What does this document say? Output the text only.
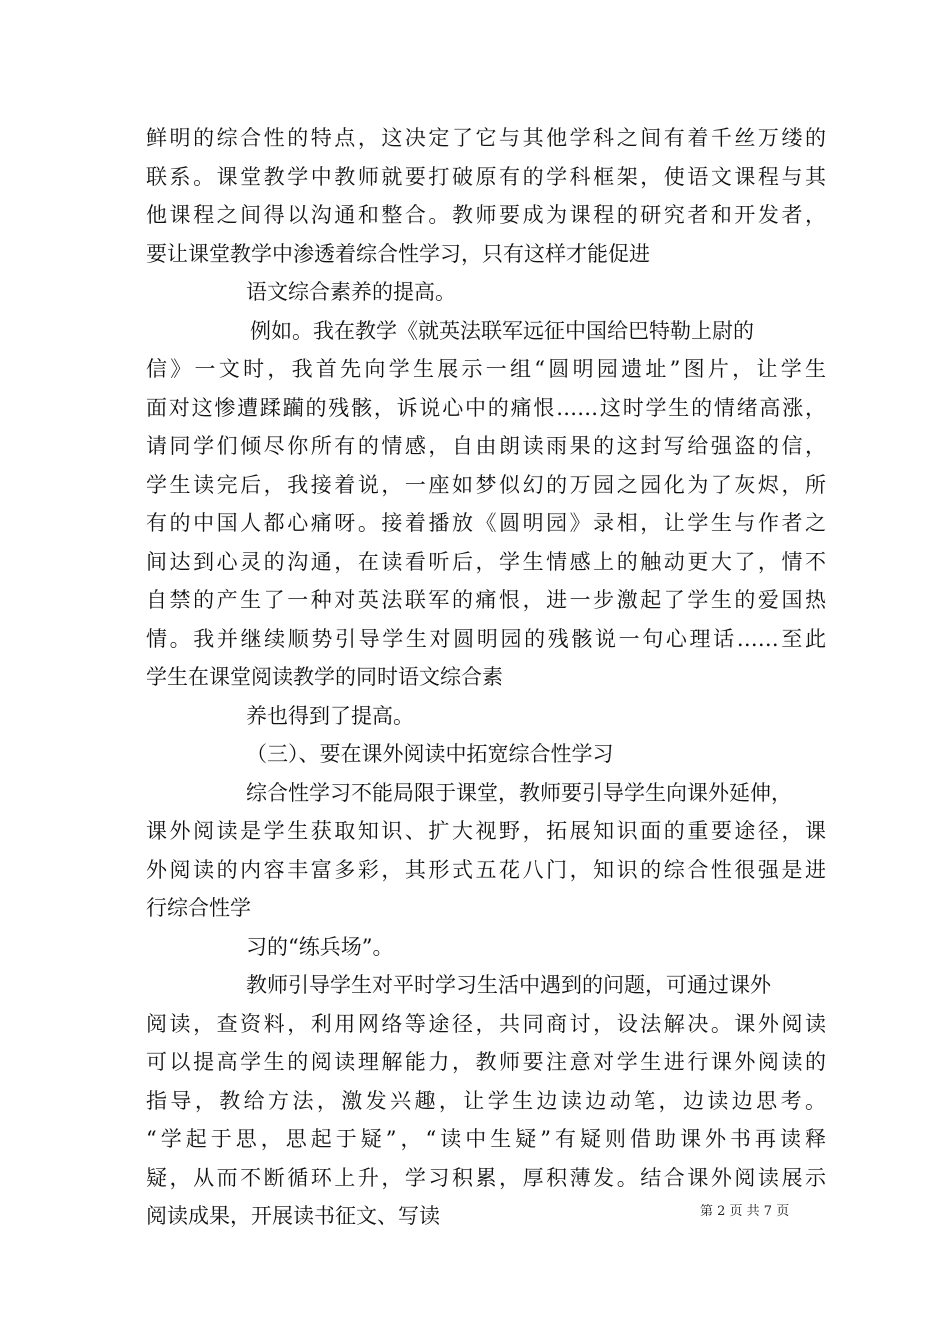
鲜明的综合性的特点，这决定了它与其他学科之间有着千丝万缕的
联系。课堂教学中教师就要打破原有的学科框架，使语文课程与其
他课程之间得以沟通和整合。教师要成为课程的研究者和开发者，
要让课堂教学中渗透着综合性学习，只有这样才能促进
语文综合素养的提高。
例如。我在教学《就英法联军远征中国给巴特勒上尉的
信》一文时，我首先向学生展示一组“圆明园遗址”图片，让学生
面对这惨遭蹂躏的残骸，诉说心中的痛恨……这时学生的情绪高涨，
请同学们倾尽你所有的情感，自由朗读雨果的这封写给强盗的信，
学生读完后，我接着说，一座如梦似幻的万园之园化为了灰烬，所
有的中国人都心痛呀。接着播放《圆明园》录相，让学生与作者之
间达到心灵的沟通，在读看听后，学生情感上的触动更大了，情不
自禁的产生了一种对英法联军的痛恨，进一步激起了学生的爱国热
情。我并继续顺势引导学生对圆明园的残骸说一句心理话……至此
学生在课堂阅读教学的同时语文综合素
养也得到了提高。
（三）、要在课外阅读中拓宽综合性学习
综合性学习不能局限于课堂，教师要引导学生向课外延伸，
课外阅读是学生获取知识、扩大视野，拓展知识面的重要途径，课
外阅读的内容丰富多彩，其形式五花八门，知识的综合性很强是进
行综合性学
习的“练兵场”。
教师引导学生对平时学习生活中遇到的问题，可通过课外
阅读，查资料，利用网络等途径，共同商讨，设法解决。课外阅读
可以提高学生的阅读理解能力，教师要注意对学生进行课外阅读的
指导，教给方法，激发兴趣，让学生边读边动笔，边读边思考。
“学起于思，思起于疑”，“读中生疑”有疑则借助课外书再读释
疑，从而不断循环上升，学习积累，厚积薄发。结合课外阅读展示
阅读成果，开展读书征文、写读	第 2 页 共 7 页
